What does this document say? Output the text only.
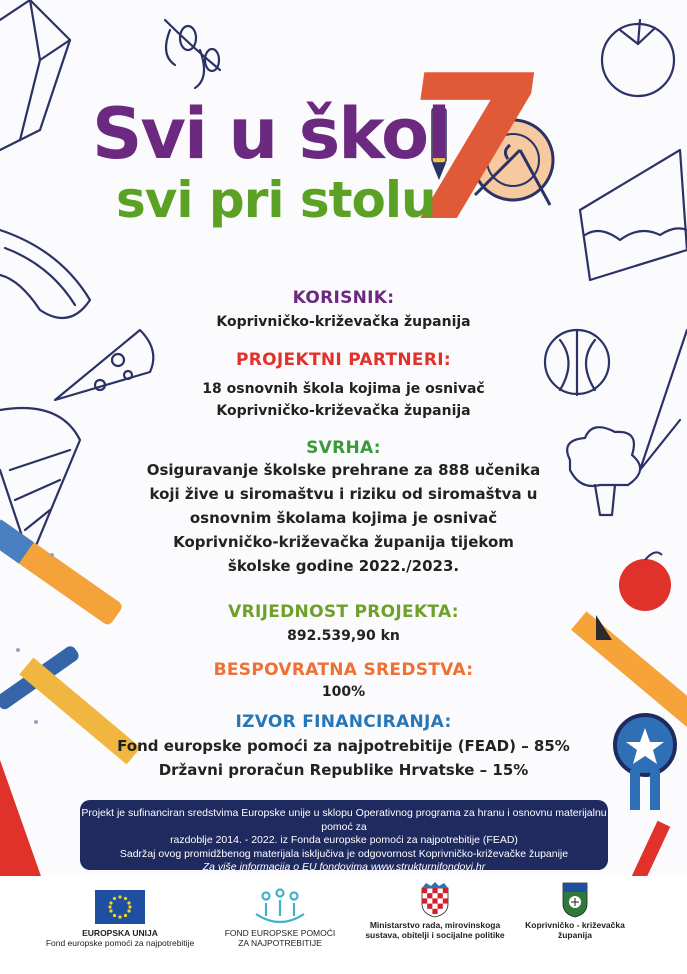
7
Svi u škol
svi pri stolu
KORISNIK:
Koprivničko-križevačka županija
PROJEKTNI PARTNERI:
18 osnovnih škola kojima je osnivač
Koprivničko-križevačka županija
SVRHA:
Osiguravanje školske prehrane za 888 učenika
koji žive u siromaštvu i riziku od siromaštva u
osnovnim školama kojima je osnivač
Koprivničko-križevačka županija tijekom
školske godine 2022./2023.
VRIJEDNOST PROJEKTA:
892.539,90 kn
BESPOVRATNA SREDSTVA:
100%
IZVOR FINANCIRANJA:
Fond europske pomoći za najpotrebitije (FEAD) – 85%
Državni proračun Republike Hrvatske – 15%
Projekt je sufinanciran sredstvima Europske unije u sklopu Operativnog programa za hranu i osnovnu materijalnu pomoć za
razdoblje 2014. - 2022. iz Fonda europske pomoći za najpotrebitije (FEAD)
Sadržaj ovog promidžbenog materijala isključiva je odgovornost Koprivničko-križevačke županije
Za više informacija o EU fondovima www.strukturnifondovi.hr
EUROPSKA UNIJA
Fond europske pomoći za najpotrebitije
FOND EUROPSKE POMOĆI
ZA NAJPOTREBITIJE
Ministarstvo rada, mirovinskoga
sustava, obitelji i socijalne politike
Koprivničko - križevačka
županija
